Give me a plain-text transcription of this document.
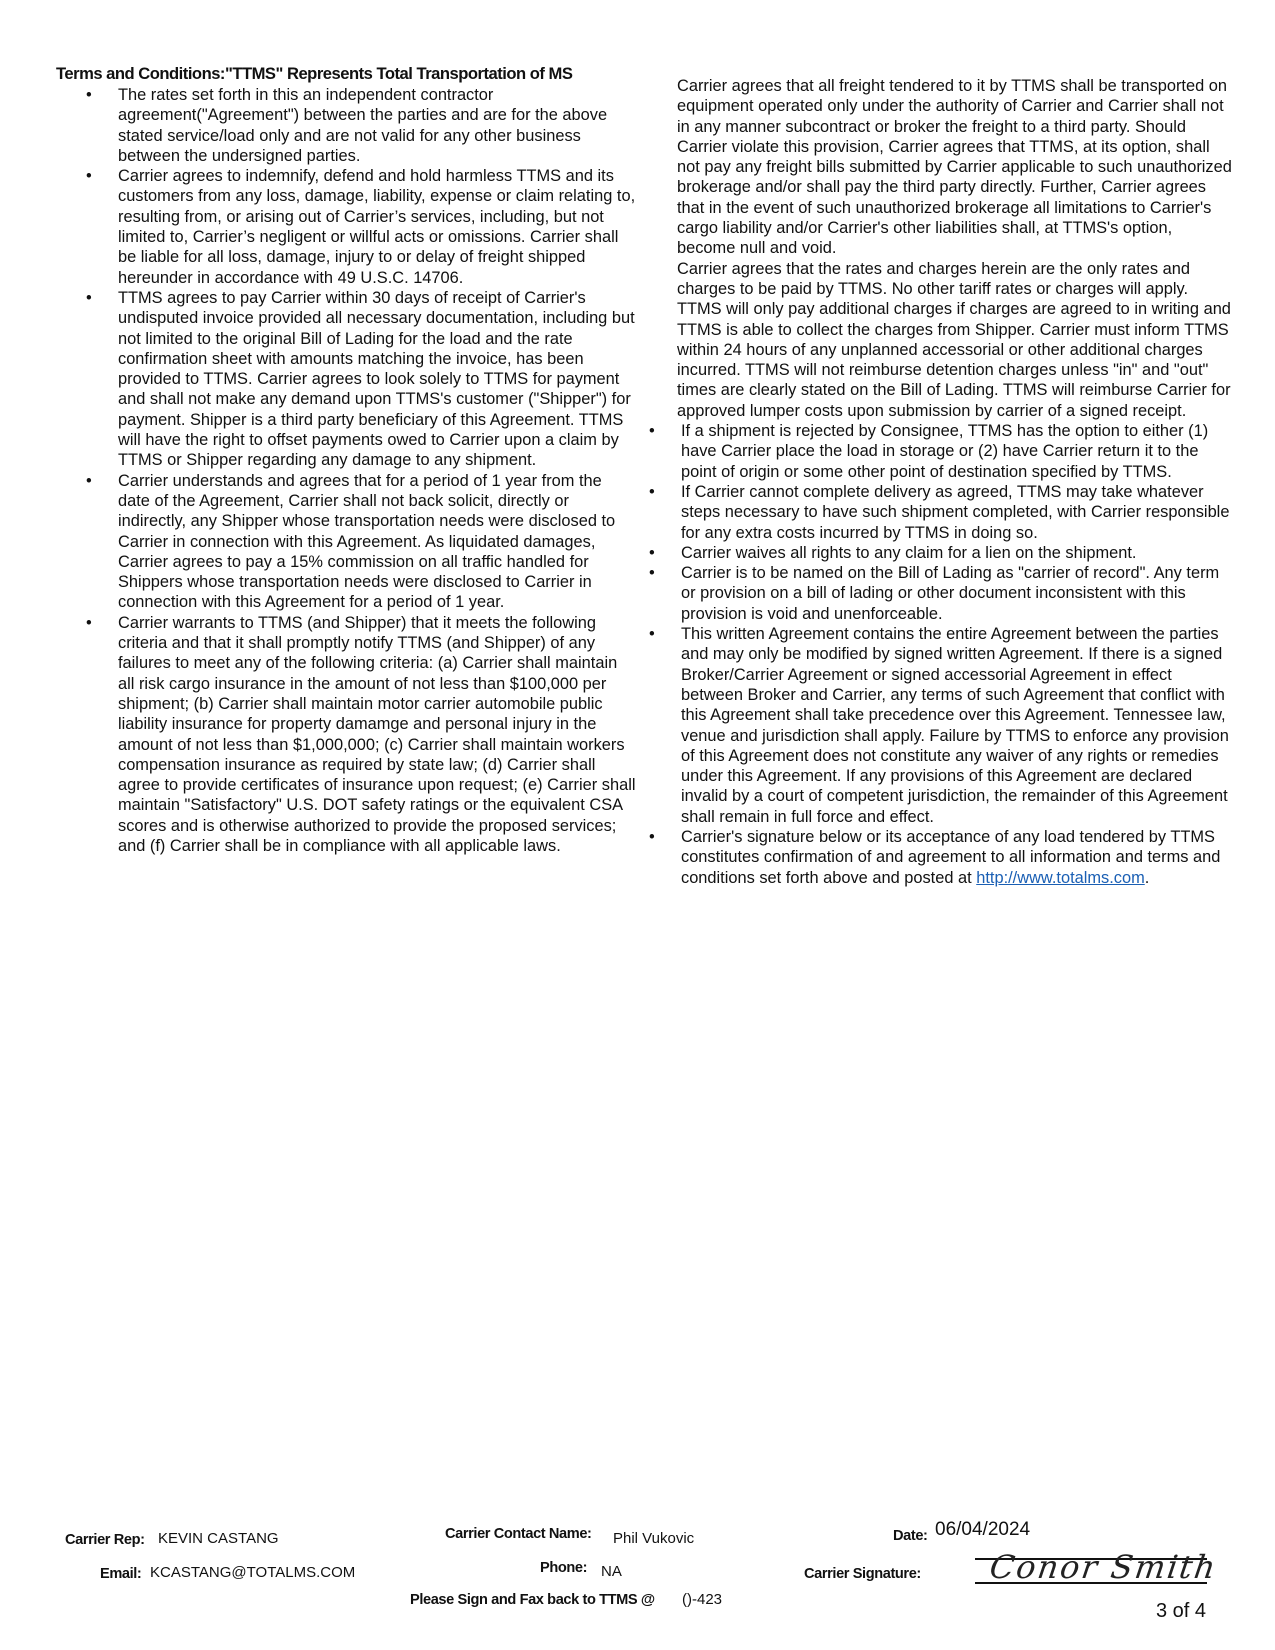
Terms and Conditions:"TTMS" Represents Total Transportation of MS
• The rates set forth in this an independent contractor agreement("Agreement") between the parties and are for the above stated service/load only and are not valid for any other business between the undersigned parties.
• Carrier agrees to indemnify, defend and hold harmless TTMS and its customers from any loss, damage, liability, expense or claim relating to, resulting from, or arising out of Carrier’s services, including, but not limited to, Carrier’s negligent or willful acts or omissions. Carrier shall be liable for all loss, damage, injury to or delay of freight shipped hereunder in accordance with 49 U.S.C. 14706.
• TTMS agrees to pay Carrier within 30 days of receipt of Carrier's undisputed invoice provided all necessary documentation, including but not limited to the original Bill of Lading for the load and the rate confirmation sheet with amounts matching the invoice, has been provided to TTMS. Carrier agrees to look solely to TTMS for payment and shall not make any demand upon TTMS's customer ("Shipper") for payment. Shipper is a third party beneficiary of this Agreement. TTMS will have the right to offset payments owed to Carrier upon a claim by TTMS or Shipper regarding any damage to any shipment.
• Carrier understands and agrees that for a period of 1 year from the date of the Agreement, Carrier shall not back solicit, directly or indirectly, any Shipper whose transportation needs were disclosed to Carrier in connection with this Agreement. As liquidated damages, Carrier agrees to pay a 15% commission on all traffic handled for Shippers whose transportation needs were disclosed to Carrier in connection with this Agreement for a period of 1 year.
• Carrier warrants to TTMS (and Shipper) that it meets the following criteria and that it shall promptly notify TTMS (and Shipper) of any failures to meet any of the following criteria: (a) Carrier shall maintain all risk cargo insurance in the amount of not less than $100,000 per shipment; (b) Carrier shall maintain motor carrier automobile public liability insurance for property damamge and personal injury in the amount of not less than $1,000,000; (c) Carrier shall maintain workers compensation insurance as required by state law; (d) Carrier shall agree to provide certificates of insurance upon request; (e) Carrier shall maintain "Satisfactory" U.S. DOT safety ratings or the equivalent CSA scores and is otherwise authorized to provide the proposed services; and (f) Carrier shall be in compliance with all applicable laws.

Carrier agrees that all freight tendered to it by TTMS shall be transported on equipment operated only under the authority of Carrier and Carrier shall not in any manner subcontract or broker the freight to a third party. Should Carrier violate this provision, Carrier agrees that TTMS, at its option, shall not pay any freight bills submitted by Carrier applicable to such unauthorized brokerage and/or shall pay the third party directly. Further, Carrier agrees that in the event of such unauthorized brokerage all limitations to Carrier's cargo liability and/or Carrier's other liabilities shall, at TTMS's option, become null and void.

Carrier agrees that the rates and charges herein are the only rates and charges to be paid by TTMS. No other tariff rates or charges will apply. TTMS will only pay additional charges if charges are agreed to in writing and TTMS is able to collect the charges from Shipper. Carrier must inform TTMS within 24 hours of any unplanned accessorial or other additional charges incurred. TTMS will not reimburse detention charges unless "in" and "out" times are clearly stated on the Bill of Lading. TTMS will reimburse Carrier for approved lumper costs upon submission by carrier of a signed receipt.

• If a shipment is rejected by Consignee, TTMS has the option to either (1) have Carrier place the load in storage or (2) have Carrier return it to the point of origin or some other point of destination specified by TTMS.
• If Carrier cannot complete delivery as agreed, TTMS may take whatever steps necessary to have such shipment completed, with Carrier responsible for any extra costs incurred by TTMS in doing so.
• Carrier waives all rights to any claim for a lien on the shipment.
• Carrier is to be named on the Bill of Lading as "carrier of record". Any term or provision on a bill of lading or other document inconsistent with this provision is void and unenforceable.
• This written Agreement contains the entire Agreement between the parties and may only be modified by signed written Agreement. If there is a signed Broker/Carrier Agreement or signed accessorial Agreement in effect between Broker and Carrier, any terms of such Agreement that conflict with this Agreement shall take precedence over this Agreement. Tennessee law, venue and jurisdiction shall apply. Failure by TTMS to enforce any provision of this Agreement does not constitute any waiver of any rights or remedies under this Agreement. If any provisions of this Agreement are declared invalid by a court of competent jurisdiction, the remainder of this Agreement shall remain in full force and effect.
• Carrier's signature below or its acceptance of any load tendered by TTMS constitutes confirmation of and agreement to all information and terms and conditions set forth above and posted at http://www.totalms.com.
Carrier Rep: KEVIN CASTANG
Email: KCASTANG@TOTALMS.COM
Carrier Contact Name: Phil Vukovic
Phone: NA
Please Sign and Fax back to TTMS @ ()-423
Date: 06/04/2024
Carrier Signature: Conor Smith
3 of 4
